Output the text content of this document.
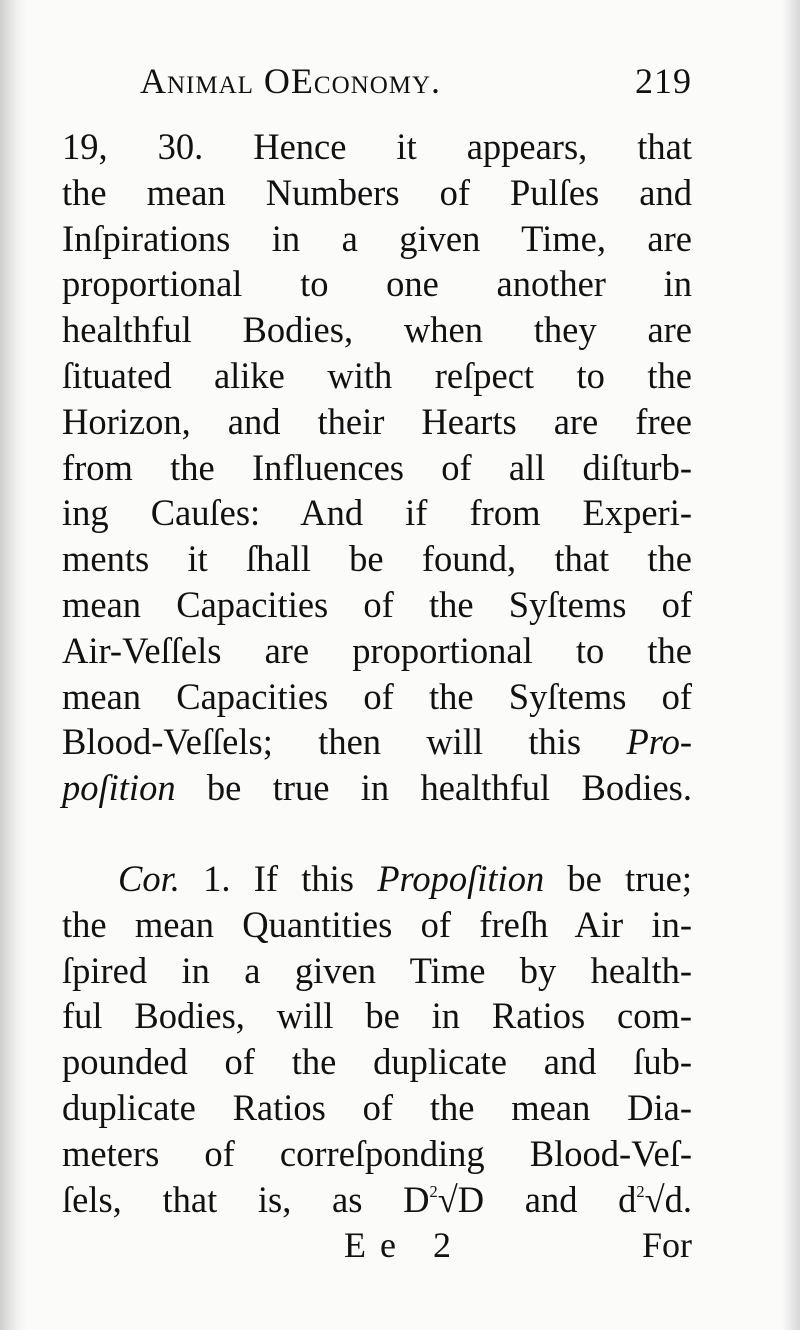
Animal OEconomy.	219
19, 30. Hence it appears, that
the mean Numbers of Pulſes and
Inſpirations in a given Time, are
proportional to one another in
healthful Bodies, when they are
ſituated alike with reſpect to the
Horizon, and their Hearts are free
from the Influences of all diſturb-
ing Cauſes: And if from Experi-
ments it ſhall be found, that the
mean Capacities of the Syſtems of
Air-Veſſels are proportional to the
mean Capacities of the Syſtems of
Blood-Veſſels; then will this Pro-
poſition be true in healthful Bodies.
Cor. 1. If this Propoſition be true;
the mean Quantities of freſh Air in-
ſpired in a given Time by health-
ful Bodies, will be in Ratios com-
pounded of the duplicate and ſub-
duplicate Ratios of the mean Dia-
meters of correſponding Blood-Veſ-
ſels, that is, as $D^2√D$ and $d^2√d$.
Ee 2	For
